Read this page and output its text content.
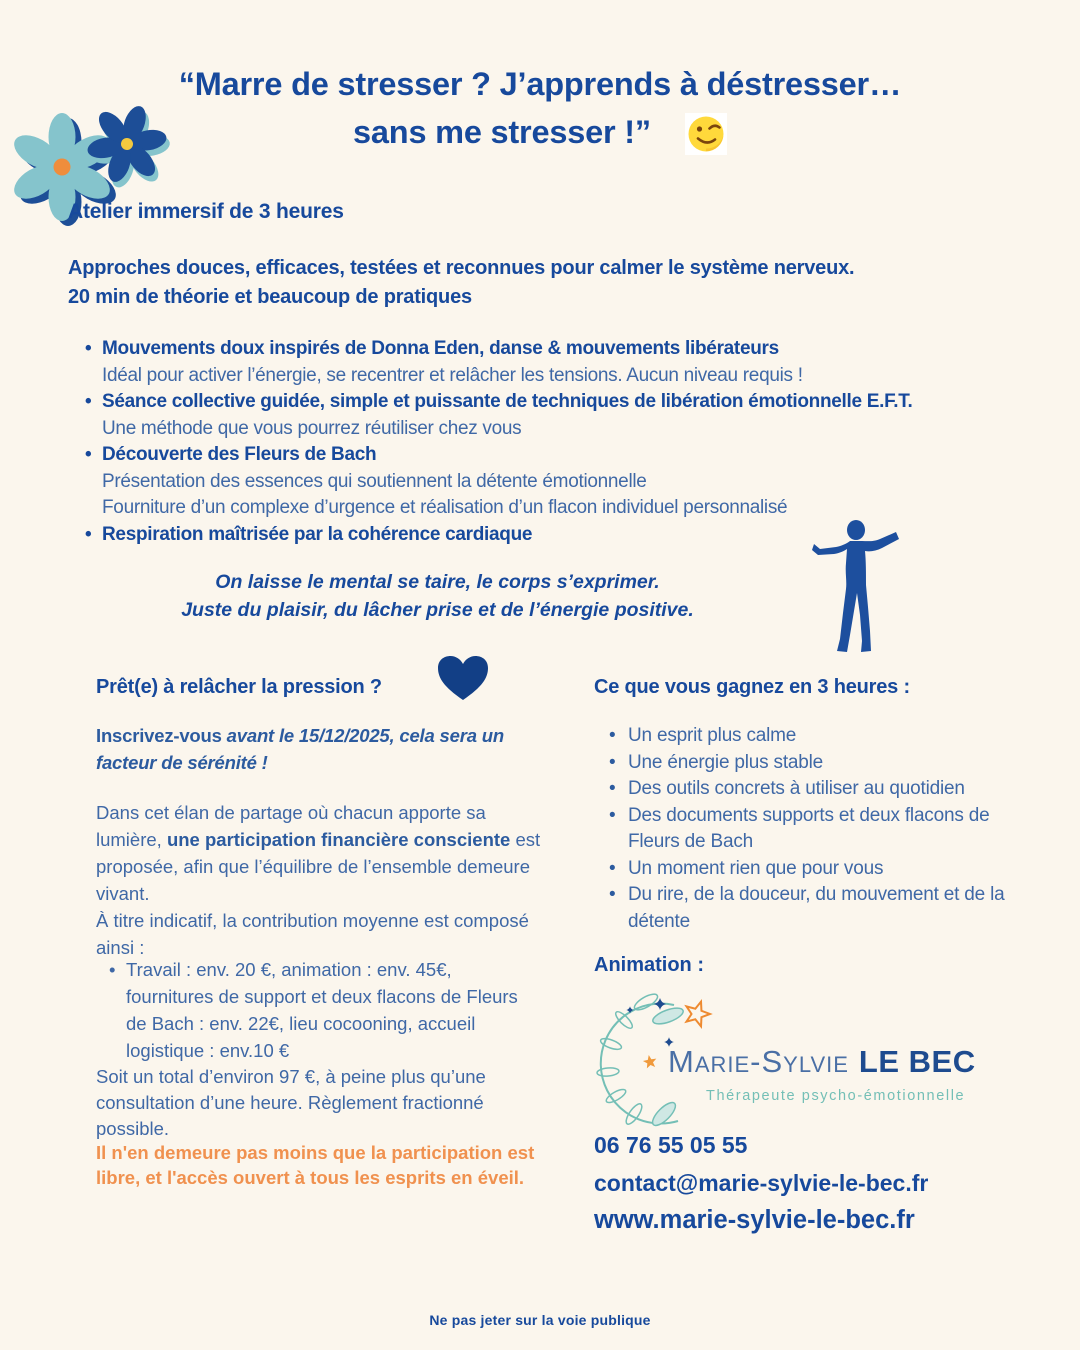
“Marre de stresser ? J’apprends à déstresser…
sans me stresser !”
Atelier immersif de 3 heures
Approches douces, efficaces, testées et reconnues pour calmer le système nerveux.
20 min de théorie et beaucoup de pratiques
• Mouvements doux inspirés de Donna Eden, danse & mouvements libérateurs
Idéal pour activer l’énergie, se recentrer et relâcher les tensions. Aucun niveau requis !
• Séance collective guidée, simple et puissante de techniques de libération émotionnelle E.F.T.
Une méthode que vous pourrez réutiliser chez vous
• Découverte des Fleurs de Bach
Présentation des essences qui soutiennent la détente émotionnelle
Fourniture d’un complexe d’urgence et réalisation d’un flacon individuel personnalisé
• Respiration maîtrisée par la cohérence cardiaque
On laisse le mental se taire, le corps s’exprimer.
Juste du plaisir, du lâcher prise et de l’énergie positive.
Prêt(e) à relâcher la pression ?
Inscrivez-vous avant le 15/12/2025, cela sera un facteur de sérénité !
Dans cet élan de partage où chacun apporte sa lumière, une participation financière consciente est proposée, afin que l’équilibre de l’ensemble demeure vivant.
À titre indicatif, la contribution moyenne est composé ainsi :
• Travail : env. 20 €, animation : env. 45€, fournitures de support et deux flacons de Fleurs de Bach : env. 22€, lieu cocooning, accueil logistique : env.10 €
Soit un total d’environ 97 €, à peine plus qu’une consultation d’une heure. Règlement fractionné possible.
Il n'en demeure pas moins que la participation est libre, et l'accès ouvert à tous les esprits en éveil.
Ce que vous gagnez en 3 heures :
• Un esprit plus calme
• Une énergie plus stable
• Des outils concrets à utiliser au quotidien
• Des documents supports et deux flacons de Fleurs de Bach
• Un moment rien que pour vous
• Du rire, de la douceur, du mouvement et de la détente
Animation :
Marie-Sylvie LE BEC
Thérapeute psycho-émotionnelle
06 76 55 05 55
contact@marie-sylvie-le-bec.fr
www.marie-sylvie-le-bec.fr
Ne pas jeter sur la voie publique
